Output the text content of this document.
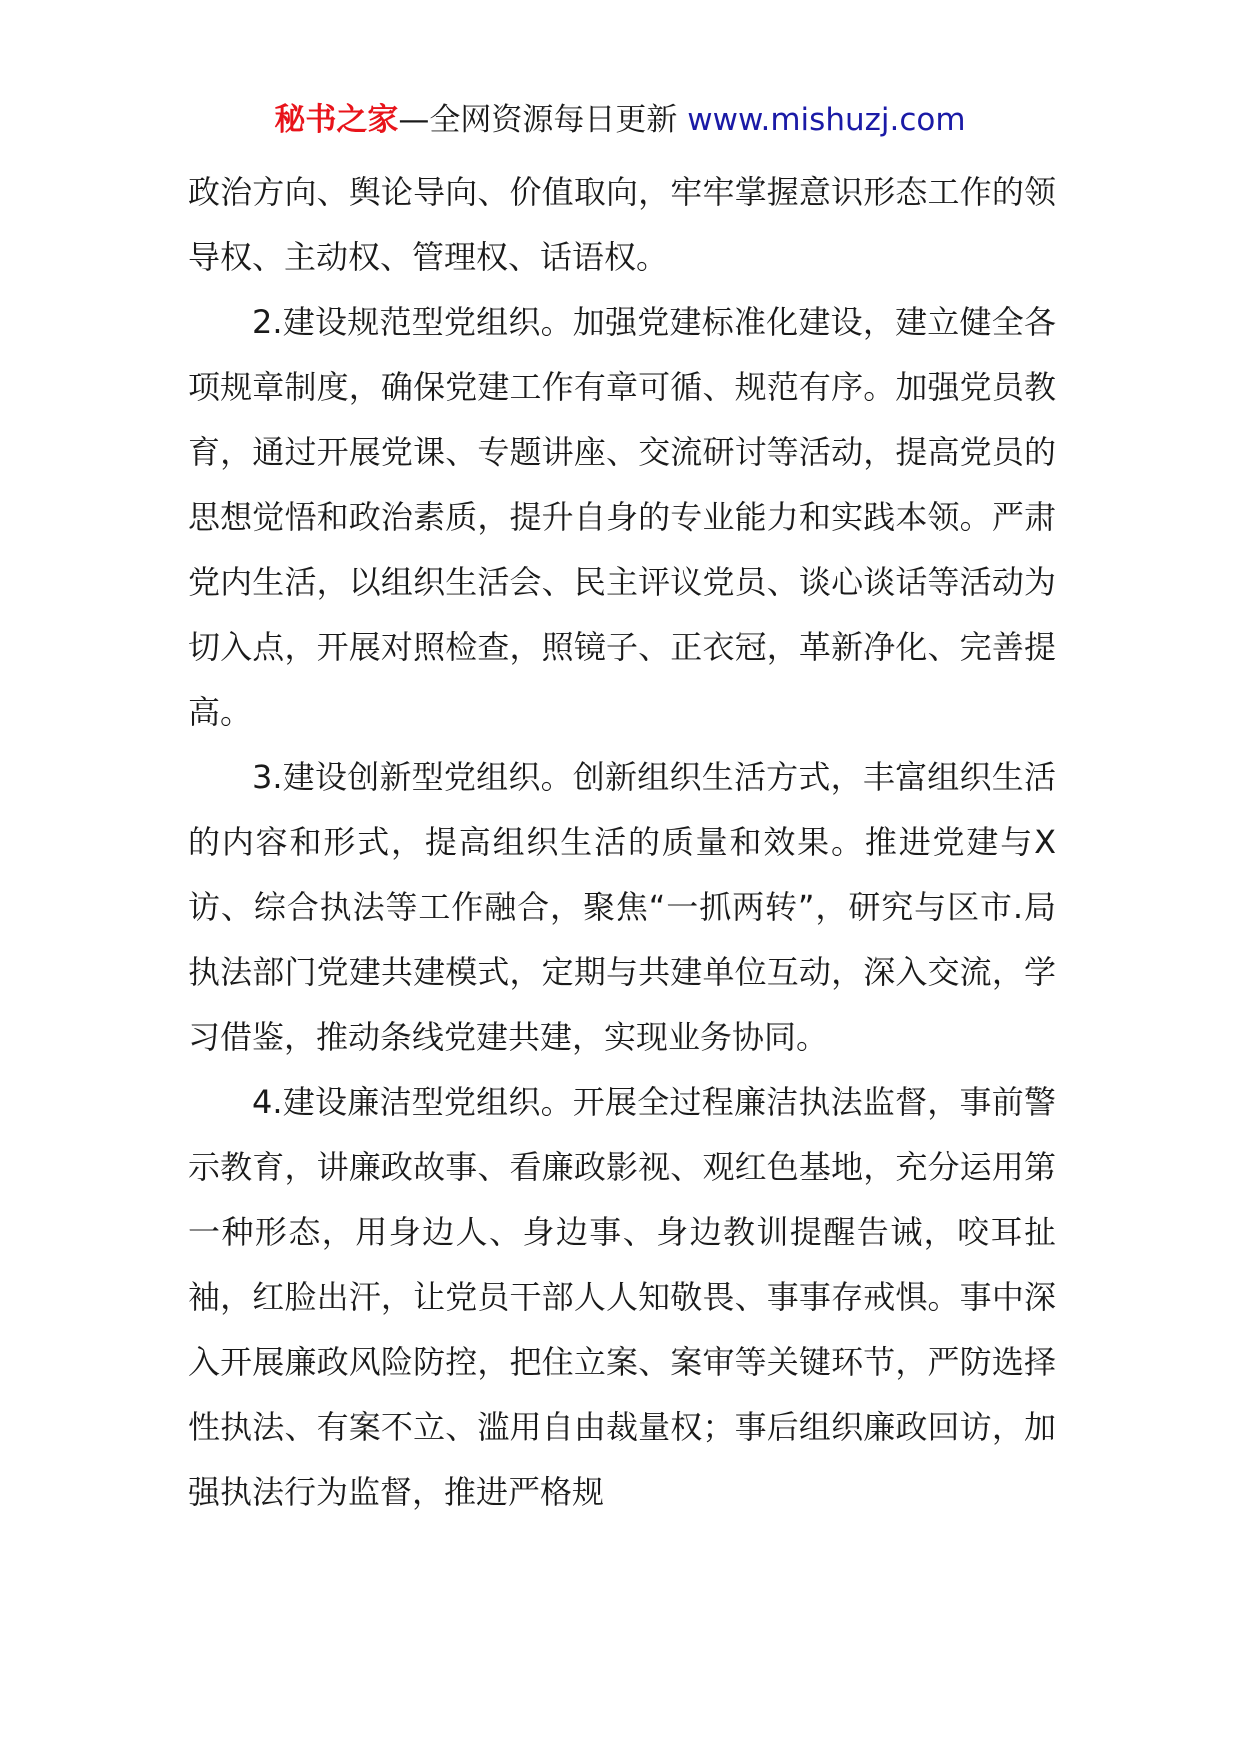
秘书之家—全网资源每日更新 www.mishuzj.com

政治方向、舆论导向、价值取向，牢牢掌握意识形态工作的领导权、主动权、管理权、话语权。

2.建设规范型党组织。加强党建标准化建设，建立健全各项规章制度，确保党建工作有章可循、规范有序。加强党员教育，通过开展党课、专题讲座、交流研讨等活动，提高党员的思想觉悟和政治素质，提升自身的专业能力和实践本领。严肃党内生活，以组织生活会、民主评议党员、谈心谈话等活动为切入点，开展对照检查，照镜子、正衣冠，革新净化、完善提高。

3.建设创新型党组织。创新组织生活方式，丰富组织生活的内容和形式，提高组织生活的质量和效果。推进党建与X访、综合执法等工作融合，聚焦“一抓两转”，研究与区市.局执法部门党建共建模式，定期与共建单位互动，深入交流，学习借鉴，推动条线党建共建，实现业务协同。

4.建设廉洁型党组织。开展全过程廉洁执法监督，事前警示教育，讲廉政故事、看廉政影视、观红色基地，充分运用第一种形态，用身边人、身边事、身边教训提醒告诫，咬耳扯袖，红脸出汗，让党员干部人人知敬畏、事事存戒惧。事中深入开展廉政风险防控，把住立案、案审等关键环节，严防选择性执法、有案不立、滥用自由裁量权；事后组织廉政回访，加强执法行为监督，推进严格规
